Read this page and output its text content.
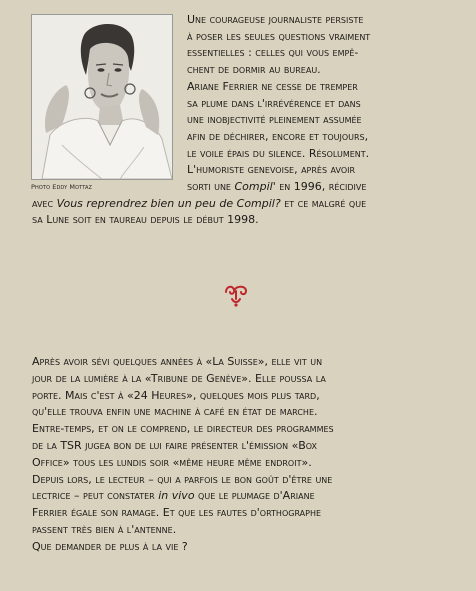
Photo Eddy Mottaz

Une courageuse journaliste persiste

à poser les seules questions vraiment

essentielles : celles qui vous empê-

chent de dormir au bureau.

Ariane Ferrier ne cesse de tremper

sa plume dans l'irrévérence et dans

une inobjectivité pleinement assumée

afin de déchirer, encore et toujours,

le voile épais du silence. Résolument.

L'humoriste genevoise, après avoir

sorti une Compil' en 1996, récidive

avec Vous reprendrez bien un peu de Compil? et ce malgré que

sa Lune soit en taureau depuis le début 1998.

Après avoir sévi quelques années à «La Suisse», elle vit un

jour de la lumière à la «Tribune de Genève». Elle poussa la

porte. Mais c'est à «24 Heures», quelques mois plus tard,

qu'elle trouva enfin une machine à café en état de marche.

Entre-temps, et on le comprend, le directeur des programmes

de la TSR jugea bon de lui faire présenter l'émission «Box

Office» tous les lundis soir «même heure même endroit».

Depuis lors, le lecteur – qui a parfois le bon goût d'être une

lectrice – peut constater in vivo que le plumage d'Ariane

Ferrier égale son ramage. Et que les fautes d'orthographe

passent très bien à l'antenne.

Que demander de plus à la vie ?
